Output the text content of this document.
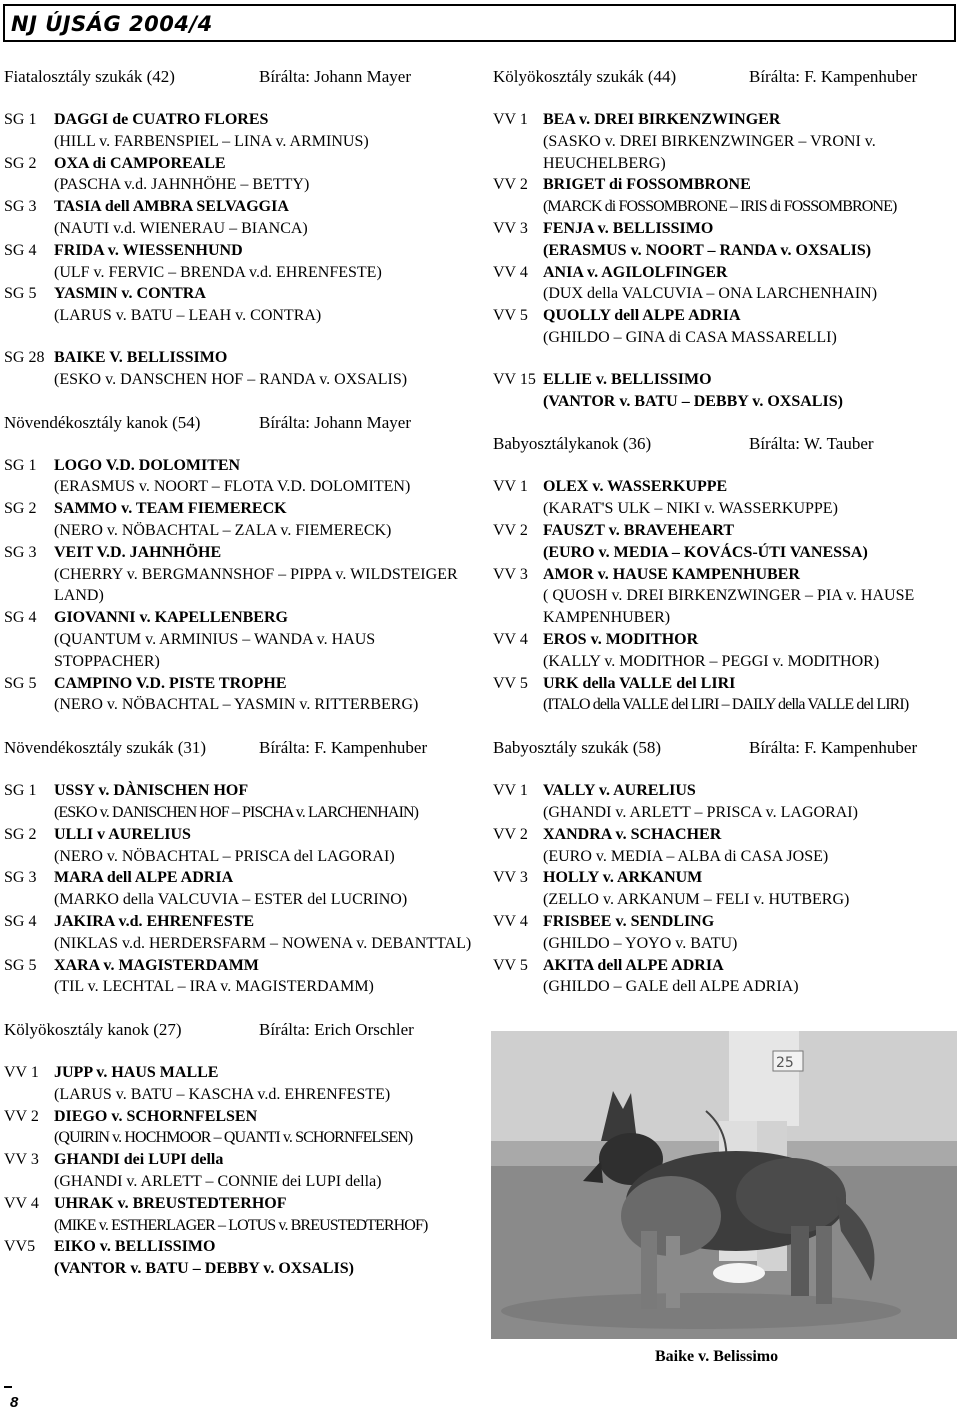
NJ ÚJSÁG 2004/4
Fiatalosztály szukák (42)	Bírálta: Johann Mayer
SG 1	DAGGI de CUATRO FLORES
(HILL v. FARBENSPIEL – LINA v. ARMINUS)
SG 2	OXA di CAMPOREALE
(PASCHA v.d. JAHNHÖHE – BETTY)
SG 3	TASIA dell AMBRA SELVAGGIA
(NAUTI v.d. WIENERAU – BIANCA)
SG 4	FRIDA v. WIESSENHUND
(ULF v. FERVIC – BRENDA v.d. EHRENFESTE)
SG 5	YASMIN v. CONTRA
(LARUS v. BATU – LEAH v. CONTRA)
SG 28 BAIKE V. BELLISSIMO
(ESKO v. DANSCHEN HOF – RANDA v. OXSALIS)
Növendékosztály kanok (54)	Bírálta: Johann Mayer
SG 1	LOGO V.D. DOLOMITEN
(ERASMUS v. NOORT – FLOTA V.D. DOLOMITEN)
SG 2	SAMMO v. TEAM FIEMERECK
(NERO v. NÖBACHTAL – ZALA v. FIEMERECK)
SG 3	VEIT V.D. JAHNHÖHE
(CHERRY v. BERGMANNSHOF – PIPPA v. WILDSTEIGER LAND)
SG 4	GIOVANNI v. KAPELLENBERG
(QUANTUM v. ARMINIUS – WANDA v. HAUS STOPPACHER)
SG 5	CAMPINO V.D. PISTE TROPHE
(NERO v. NÖBACHTAL – YASMIN v. RITTERBERG)
Növendékosztály szukák (31)	Bírálta: F. Kampenhuber
SG 1	USSY v. DÀNISCHEN HOF
(ESKO v. DANISCHEN HOF – PISCHA v. LARCHENHAIN)
SG 2	ULLI v AURELIUS
(NERO v. NÖBACHTAL – PRISCA del LAGORAI)
SG 3	MARA dell ALPE ADRIA
(MARKO della VALCUVIA – ESTER del LUCRINO)
SG 4	JAKIRA v.d. EHRENFESTE
(NIKLAS v.d. HERDERSFARM – NOWENA v. DEBANTTAL)
SG 5	XARA v. MAGISTERDAMM
(TIL v. LECHTAL – IRA v. MAGISTERDAMM)
Kölyökosztály kanok (27)	Bírálta: Erich Orschler
VV 1 JUPP v. HAUS MALLE
(LARUS v. BATU – KASCHA v.d. EHRENFESTE)
VV 2 DIEGO v. SCHORNFELSEN
(QUIRIN v. HOCHMOOR – QUANTI v. SCHORNFELSEN)
VV 3 GHANDI dei LUPI della
(GHANDI v. ARLETT – CONNIE dei LUPI della)
VV 4 UHRAK v. BREUSTEDTERHOF
(MIKE v. ESTHERLAGER – LOTUS v. BREUSTEDTERHOF)
VV5	EIKO v. BELLISSIMO
(VANTOR v. BATU – DEBBY v. OXSALIS)
Kölyökosztály szukák (44)	Bírálta: F. Kampenhuber
VV 1 BEA v. DREI BIRKENZWINGER
(SASKO v. DREI BIRKENZWINGER – VRONI v. HEUCHELBERG)
VV 2 BRIGET di FOSSOMBRONE
(MARCK di FOSSOMBRONE – IRIS di FOSSOMBRONE)
VV 3 FENJA v. BELLISSIMO
(ERASMUS v. NOORT – RANDA v. OXSALIS)
VV 4 ANIA v. AGILOLFINGER
(DUX della VALCUVIA – ONA LARCHENHAIN)
VV 5 QUOLLY dell ALPE ADRIA
(GHILDO – GINA di CASA MASSARELLI)
VV 15 ELLIE v. BELLISSIMO
(VANTOR v. BATU – DEBBY v. OXSALIS)
Babyosztálykanok (36)	Bírálta: W. Tauber
VV 1 OLEX v. WASSERKUPPE
(KARAT'S ULK – NIKI v. WASSERKUPPE)
VV 2 FAUSZT v. BRAVEHEART
(EURO v. MEDIA – KOVÁCS-ÚTI VANESSA)
VV 3 AMOR v. HAUSE KAMPENHUBER
( QUOSH v. DREI BIRKENZWINGER – PIA v. HAUSE KAMPENHUBER)
VV 4 EROS v. MODITHOR
(KALLY v. MODITHOR – PEGGI v. MODITHOR)
VV 5 URK della VALLE del LIRI
(ITALO della VALLE del LIRI – DAILY della VALLE del LIRI)
Babyosztály szukák (58)	Bírálta: F. Kampenhuber
VV 1 VALLY v. AURELIUS
(GHANDI v. ARLETT – PRISCA v. LAGORAI)
VV 2 XANDRA v. SCHACHER
(EURO v. MEDIA – ALBA di CASA JOSE)
VV 3 HOLLY v. ARKANUM
(ZELLO v. ARKANUM – FELI v. HUTBERG)
VV 4 FRISBEE v. SENDLING
(GHILDO – YOYO v. BATU)
VV 5 AKITA dell ALPE ADRIA
(GHILDO – GALE dell ALPE ADRIA)
25
Baike v. Belissimo
8
